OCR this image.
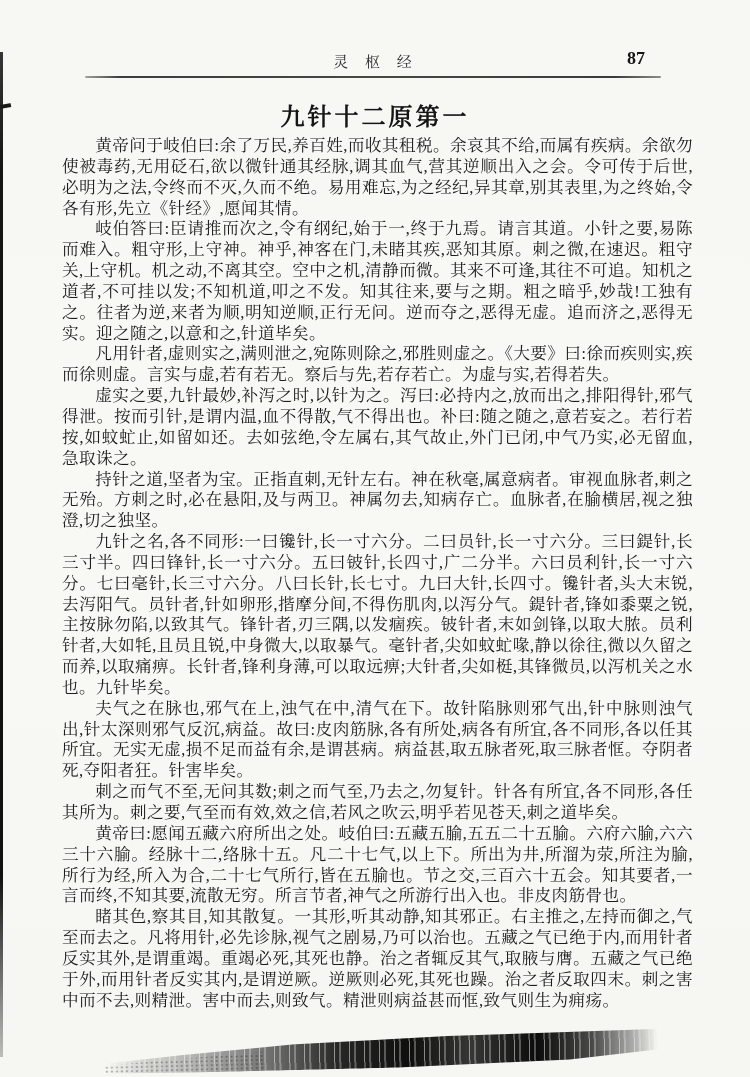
灵 枢 经	87
九针十二原第一

黄帝问于岐伯曰:余了万民,养百姓,而收其租税。余哀其不给,而属有疾病。余欲勿使被毒药,无用砭石,欲以微针通其经脉,调其血气,营其逆顺出入之会。令可传于后世,必明为之法,令终而不灭,久而不绝。易用难忘,为之经纪,异其章,别其表里,为之终始,令各有形,先立《针经》,愿闻其情。

岐伯答曰:臣请推而次之,令有纲纪,始于一,终于九焉。请言其道。小针之要,易陈而难入。粗守形,上守神。神乎,神客在门,未睹其疾,恶知其原。刺之微,在速迟。粗守关,上守机。机之动,不离其空。空中之机,清静而微。其来不可逢,其往不可追。知机之道者,不可挂以发;不知机道,叩之不发。知其往来,要与之期。粗之暗乎,妙哉!工独有之。往者为逆,来者为顺,明知逆顺,正行无问。逆而夺之,恶得无虚。追而济之,恶得无实。迎之随之,以意和之,针道毕矣。

凡用针者,虚则实之,满则泄之,宛陈则除之,邪胜则虚之。《大要》曰:徐而疾则实,疾而徐则虚。言实与虚,若有若无。察后与先,若存若亡。为虚与实,若得若失。

虚实之要,九针最妙,补泻之时,以针为之。泻曰:必持内之,放而出之,排阳得针,邪气得泄。按而引针,是谓内温,血不得散,气不得出也。补曰:随之随之,意若妄之。若行若按,如蚊虻止,如留如还。去如弦绝,令左属右,其气故止,外门已闭,中气乃实,必无留血,急取诛之。

持针之道,坚者为宝。正指直刺,无针左右。神在秋毫,属意病者。审视血脉者,刺之无殆。方刺之时,必在悬阳,及与两卫。神属勿去,知病存亡。血脉者,在腧横居,视之独澄,切之独坚。

九针之名,各不同形:一曰镵针,长一寸六分。二曰员针,长一寸六分。三曰鍉针,长三寸半。四曰锋针,长一寸六分。五曰铍针,长四寸,广二分半。六曰员利针,长一寸六分。七曰毫针,长三寸六分。八曰长针,长七寸。九曰大针,长四寸。镵针者,头大末锐,去泻阳气。员针者,针如卵形,揩摩分间,不得伤肌肉,以泻分气。鍉针者,锋如黍粟之锐,主按脉勿陷,以致其气。锋针者,刃三隅,以发痼疾。铍针者,末如剑锋,以取大脓。员利针者,大如牦,且员且锐,中身微大,以取暴气。毫针者,尖如蚊虻喙,静以徐往,微以久留之而养,以取痛痹。长针者,锋利身薄,可以取远痹;大针者,尖如梃,其锋微员,以泻机关之水也。九针毕矣。

夫气之在脉也,邪气在上,浊气在中,清气在下。故针陷脉则邪气出,针中脉则浊气出,针太深则邪气反沉,病益。故曰:皮肉筋脉,各有所处,病各有所宜,各不同形,各以任其所宜。无实无虚,损不足而益有余,是谓甚病。病益甚,取五脉者死,取三脉者恇。夺阴者死,夺阳者狂。针害毕矣。

刺之而气不至,无问其数;刺之而气至,乃去之,勿复针。针各有所宜,各不同形,各任其所为。刺之要,气至而有效,效之信,若风之吹云,明乎若见苍天,刺之道毕矣。

黄帝曰:愿闻五藏六府所出之处。岐伯曰:五藏五腧,五五二十五腧。六府六腧,六六三十六腧。经脉十二,络脉十五。凡二十七气,以上下。所出为井,所溜为荥,所注为腧,所行为经,所入为合,二十七气所行,皆在五腧也。节之交,三百六十五会。知其要者,一言而终,不知其要,流散无穷。所言节者,神气之所游行出入也。非皮肉筋骨也。

睹其色,察其目,知其散复。一其形,听其动静,知其邪正。右主推之,左持而御之,气至而去之。凡将用针,必先诊脉,视气之剧易,乃可以治也。五藏之气已绝于内,而用针者反实其外,是谓重竭。重竭必死,其死也静。治之者辄反其气,取腋与膺。五藏之气已绝于外,而用针者反实其内,是谓逆厥。逆厥则必死,其死也躁。治之者反取四末。刺之害中而不去,则精泄。害中而去,则致气。精泄则病益甚而恇,致气则生为痈疡。
